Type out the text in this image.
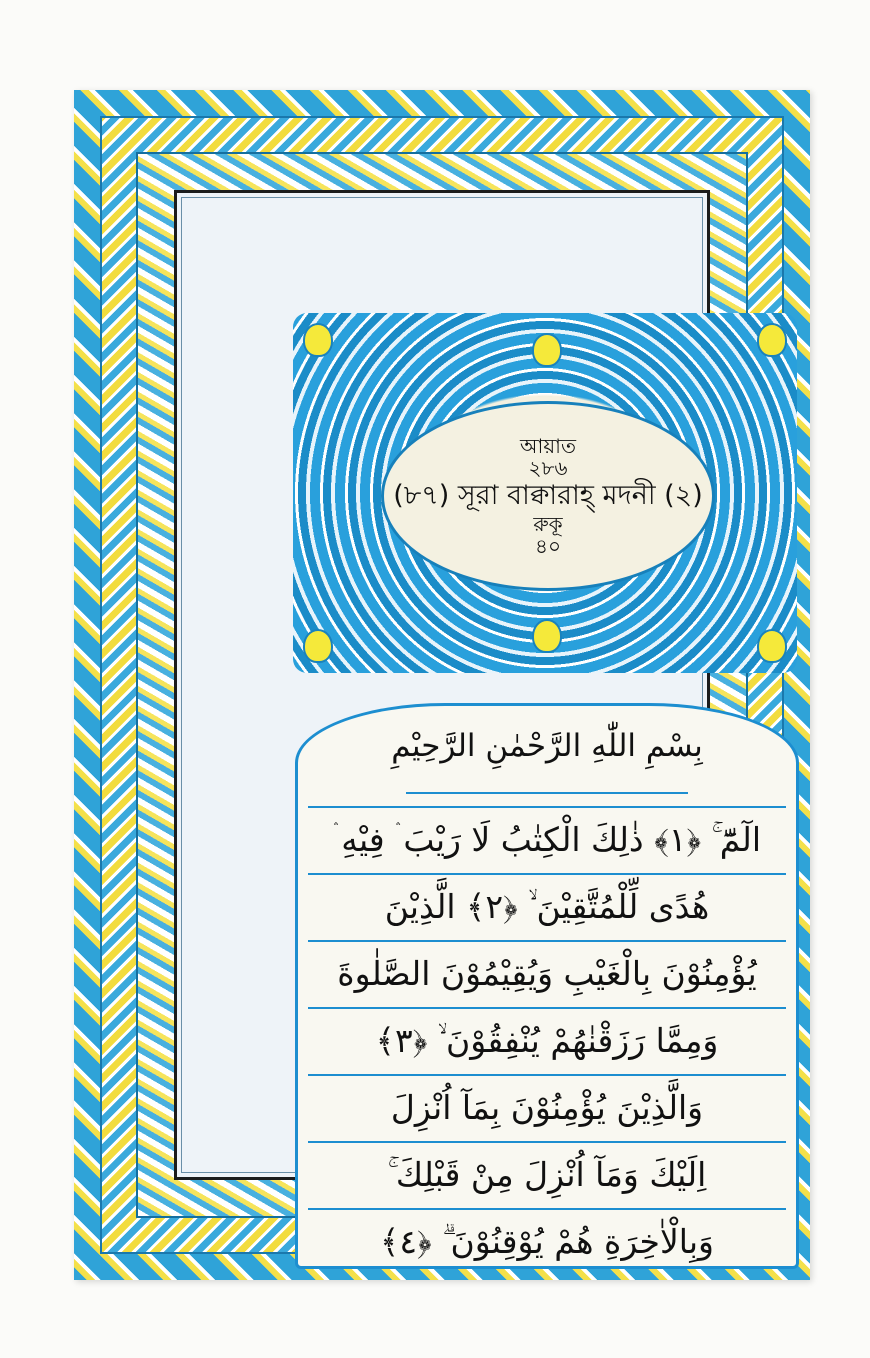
আয়াত
২৮৬
(৮৭) সূরা বাক্বারাহ্‌ মদনী (২)
রুকূ
৪০
بِسْمِ اللّٰهِ الرَّحْمٰنِ الرَّحِيْمِ
الٓمّٓ ۚ ﴿١﴾ ذٰلِكَ الْكِتٰبُ لَا رَيْبَ ۛ فِيْهِ ۛ
هُدًى لِّلْمُتَّقِيْنَ ۙ ﴿٢﴾ الَّذِيْنَ
يُؤْمِنُوْنَ بِالْغَيْبِ وَيُقِيْمُوْنَ الصَّلٰوةَ
وَمِمَّا رَزَقْنٰهُمْ يُنْفِقُوْنَ ۙ ﴿٣﴾
وَالَّذِيْنَ يُؤْمِنُوْنَ بِمَآ اُنْزِلَ
اِلَيْكَ وَمَآ اُنْزِلَ مِنْ قَبْلِكَ ۚ
وَبِالْاٰخِرَةِ هُمْ يُوْقِنُوْنَ ۗ ﴿٤﴾
